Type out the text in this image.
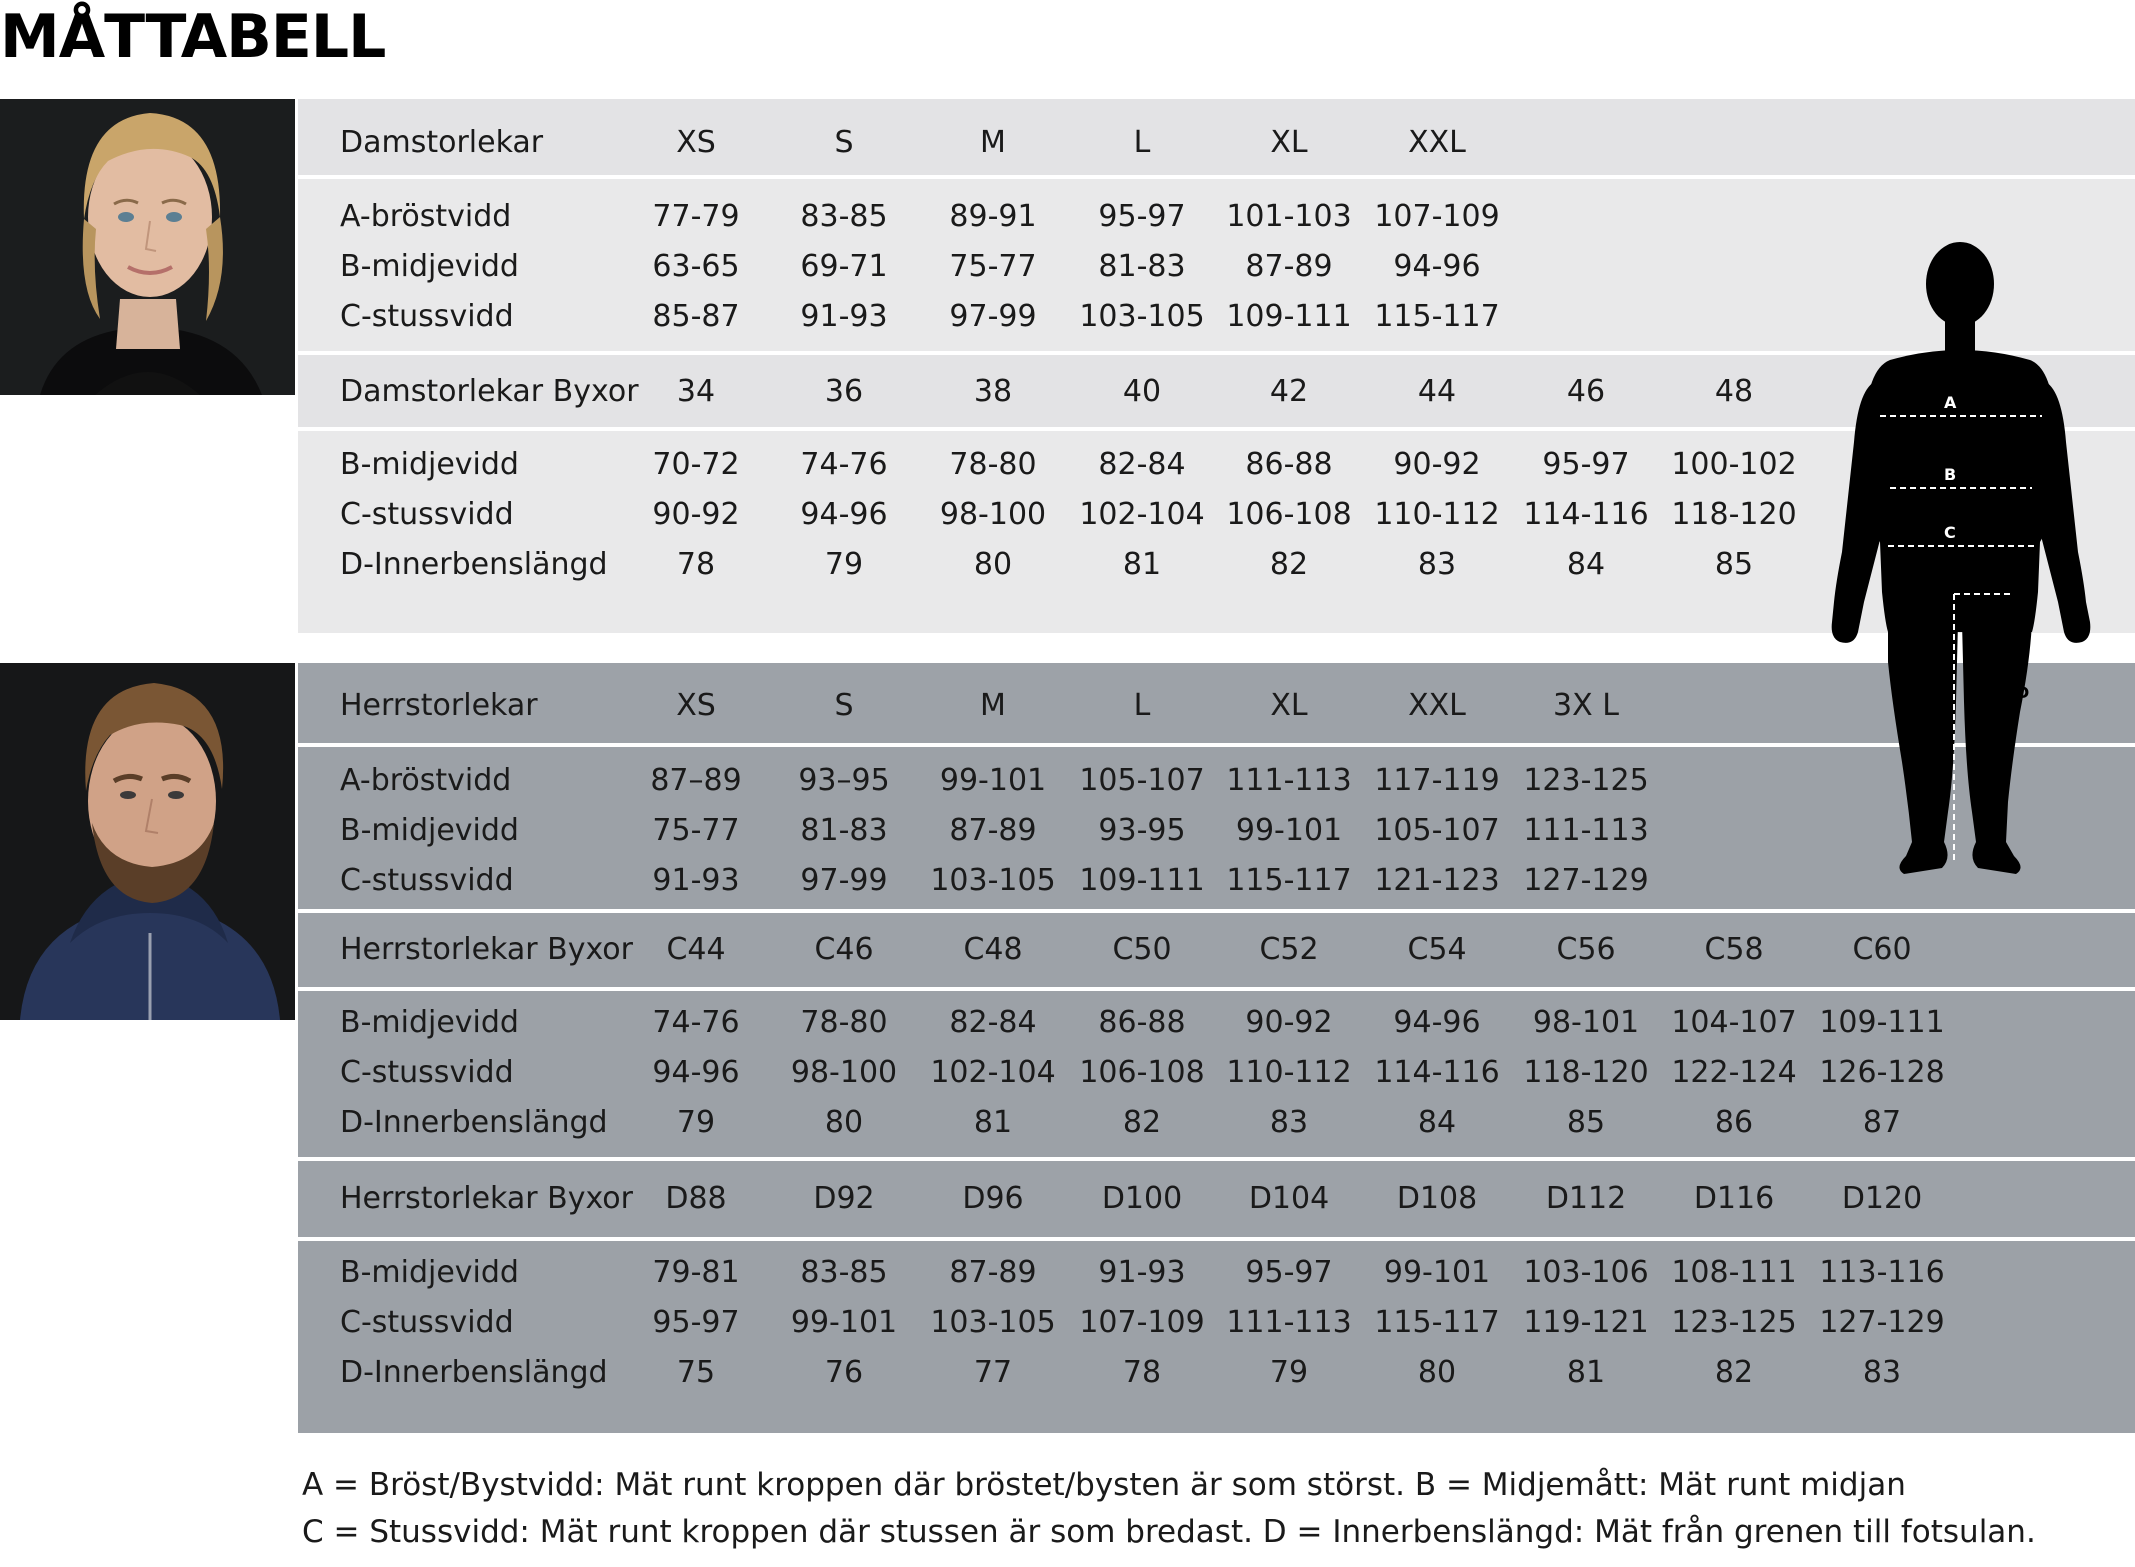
MÅTTABELL
Damstorlekar	XS	S	M	L	XL	XXL
A-bröstvidd	77-79	83-85	89-91	95-97	101-103 107-109
B-midjevidd	63-65	69-71	75-77	81-83	87-89	94-96
C-stussvidd	85-87	91-93	97-99	103-105 109-111 115-117
Damstorlekar Byxor	34	36	38	40	42	44	46	48
B-midjevidd	70-72	74-76	78-80	82-84	86-88	90-92	95-97	100-102
C-stussvidd	90-92	94-96	98-100	102-104 106-108 110-112 114-116 118-120
D-Innerbenslängd	78	79	80	81	82	83	84	85
Herrstorlekar	XS	S	M	L	XL	XXL	3X L
A-bröstvidd	87–89	93–95	99-101	105-107 111-113 117-119 123-125
B-midjevidd	75-77	81-83	87-89	93-95	99-101	105-107 111-113
C-stussvidd	91-93	97-99	103-105 109-111 115-117 121-123 127-129
Herrstorlekar Byxor	C44	C46	C48	C50	C52	C54	C56	C58	C60
B-midjevidd	74-76	78-80	82-84	86-88	90-92	94-96	98-101	104-107 109-111
C-stussvidd	94-96	98-100	102-104 106-108 110-112 114-116 118-120 122-124 126-128
D-Innerbenslängd	79	80	81	82	83	84	85	86	87
Herrstorlekar Byxor	D88	D92	D96	D100	D104	D108	D112	D116	D120
B-midjevidd	79-81	83-85	87-89	91-93	95-97	99-101	103-106 108-111 113-116
C-stussvidd	95-97	99-101	103-105 107-109 111-113 115-117 119-121 123-125 127-129
D-Innerbenslängd	75	76	77	78	79	80	81	82	83
A
B
C
D
A = Bröst/Bystvidd: Mät runt kroppen där bröstet/bysten är som störst. B = Midjemått: Mät runt midjan
C = Stussvidd: Mät runt kroppen där stussen är som bredast. D = Innerbenslängd: Mät från grenen till fotsulan.
